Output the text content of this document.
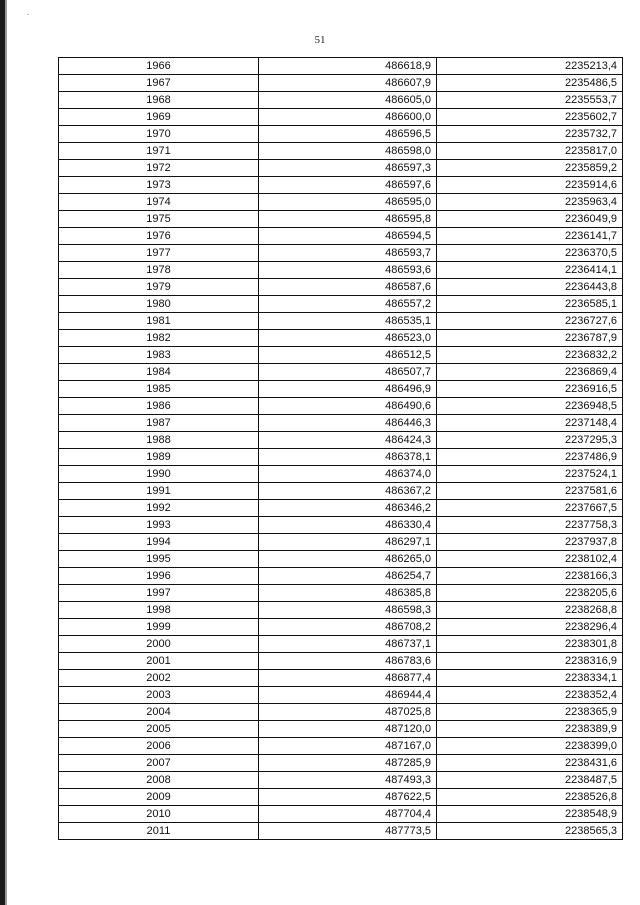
51
1966	486618,9	2235213,4
1967	486607,9	2235486,5
1968	486605,0	2235553,7
1969	486600,0	2235602,7
1970	486596,5	2235732,7
1971	486598,0	2235817,0
1972	486597,3	2235859,2
1973	486597,6	2235914,6
1974	486595,0	2235963,4
1975	486595,8	2236049,9
1976	486594,5	2236141,7
1977	486593,7	2236370,5
1978	486593,6	2236414,1
1979	486587,6	2236443,8
1980	486557,2	2236585,1
1981	486535,1	2236727,6
1982	486523,0	2236787,9
1983	486512,5	2236832,2
1984	486507,7	2236869,4
1985	486496,9	2236916,5
1986	486490,6	2236948,5
1987	486446,3	2237148,4
1988	486424,3	2237295,3
1989	486378,1	2237486,9
1990	486374,0	2237524,1
1991	486367,2	2237581,6
1992	486346,2	2237667,5
1993	486330,4	2237758,3
1994	486297,1	2237937,8
1995	486265,0	2238102,4
1996	486254,7	2238166,3
1997	486385,8	2238205,6
1998	486598,3	2238268,8
1999	486708,2	2238296,4
2000	486737,1	2238301,8
2001	486783,6	2238316,9
2002	486877,4	2238334,1
2003	486944,4	2238352,4
2004	487025,8	2238365,9
2005	487120,0	2238389,9
2006	487167,0	2238399,0
2007	487285,9	2238431,6
2008	487493,3	2238487,5
2009	487622,5	2238526,8
2010	487704,4	2238548,9
2011	487773,5	2238565,3
